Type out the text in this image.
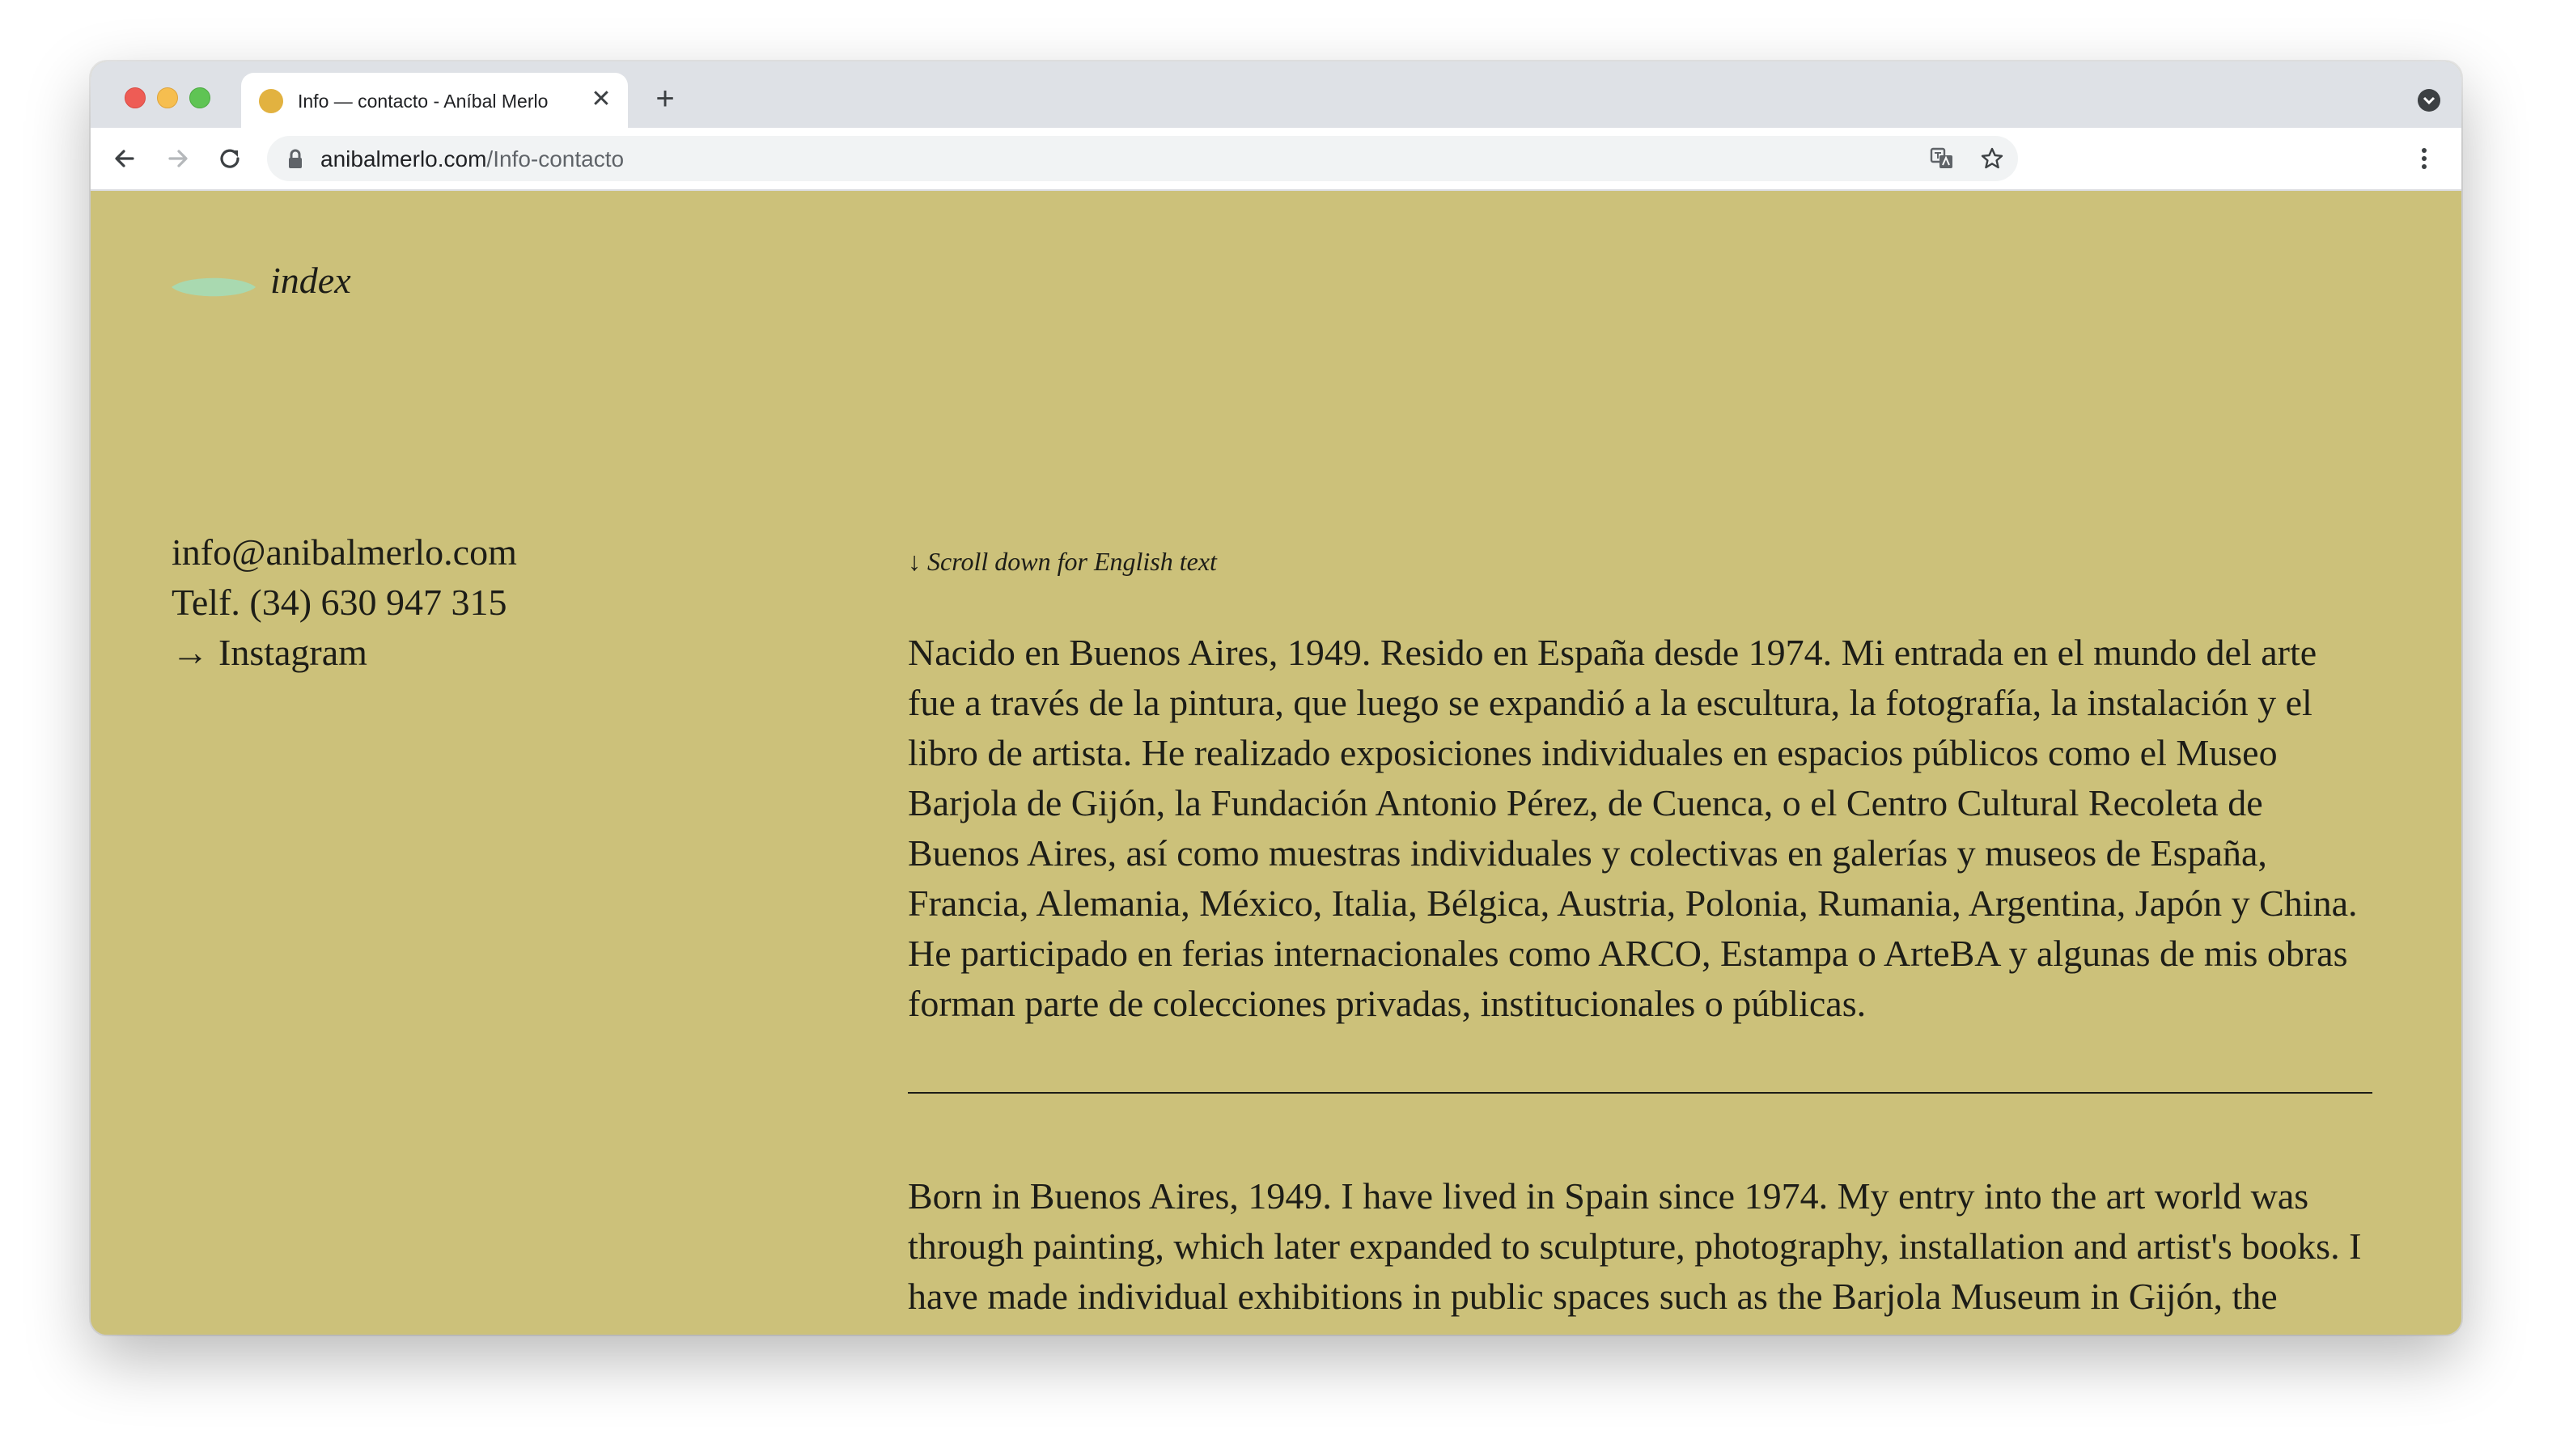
Info — contacto - Aníbal Merlo ✕ +
anibalmerlo.com/Info-contacto
index
info@anibalmerlo.com
Telf. (34) 630 947 315
→ Instagram
↓ Scroll down for English text

Nacido en Buenos Aires, 1949. Resido en España desde 1974. Mi entrada en el mundo del arte fue a través de la pintura, que luego se expandió a la escultura, la fotografía, la instalación y el libro de artista. He realizado exposiciones individuales en espacios públicos como el Museo Barjola de Gijón, la Fundación Antonio Pérez, de Cuenca, o el Centro Cultural Recoleta de Buenos Aires, así como muestras individuales y colectivas en galerías y museos de España, Francia, Alemania, México, Italia, Bélgica, Austria, Polonia, Rumania, Argentina, Japón y China. He participado en ferias internacionales como ARCO, Estampa o ArteBA y algunas de mis obras forman parte de colecciones privadas, institucionales o públicas.

Born in Buenos Aires, 1949. I have lived in Spain since 1974. My entry into the art world was through painting, which later expanded to sculpture, photography, installation and artist's books. I have made individual exhibitions in public spaces such as the Barjola Museum in Gijón, the
